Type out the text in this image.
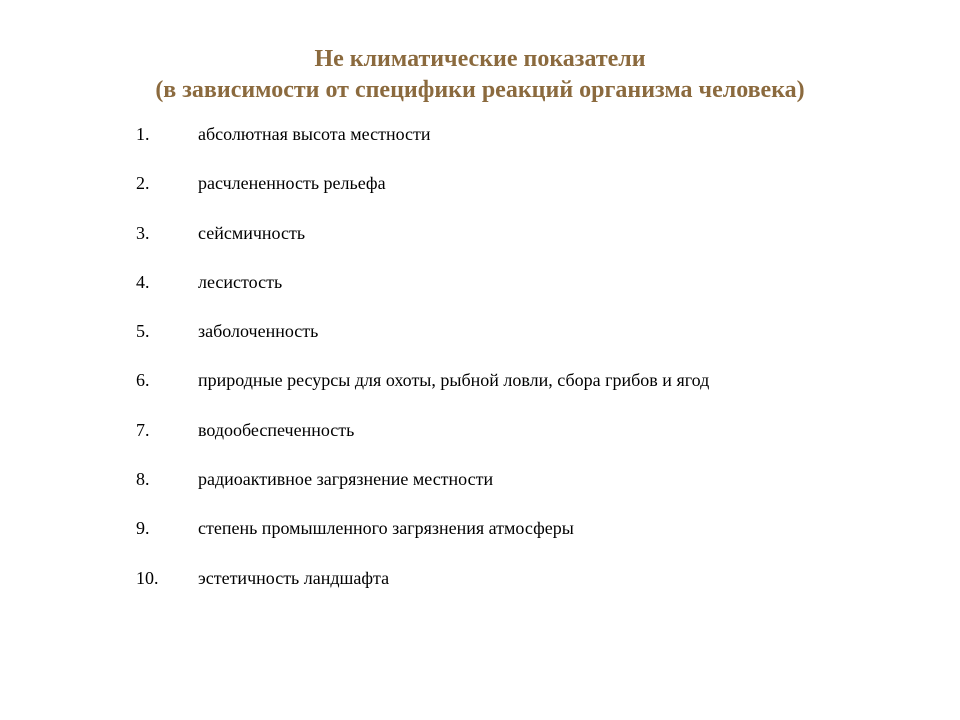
Не климатические показатели
(в зависимости от специфики реакций организма человека)
1.	абсолютная высота местности
2.	расчлененность рельефа
3.	сейсмичность
4.	лесистость
5.	заболоченность
6.	природные ресурсы для охоты, рыбной ловли, сбора грибов и ягод
7.	водообеспеченность
8.	радиоактивное загрязнение местности
9.	степень промышленного загрязнения атмосферы
10.	эстетичность ландшафта
